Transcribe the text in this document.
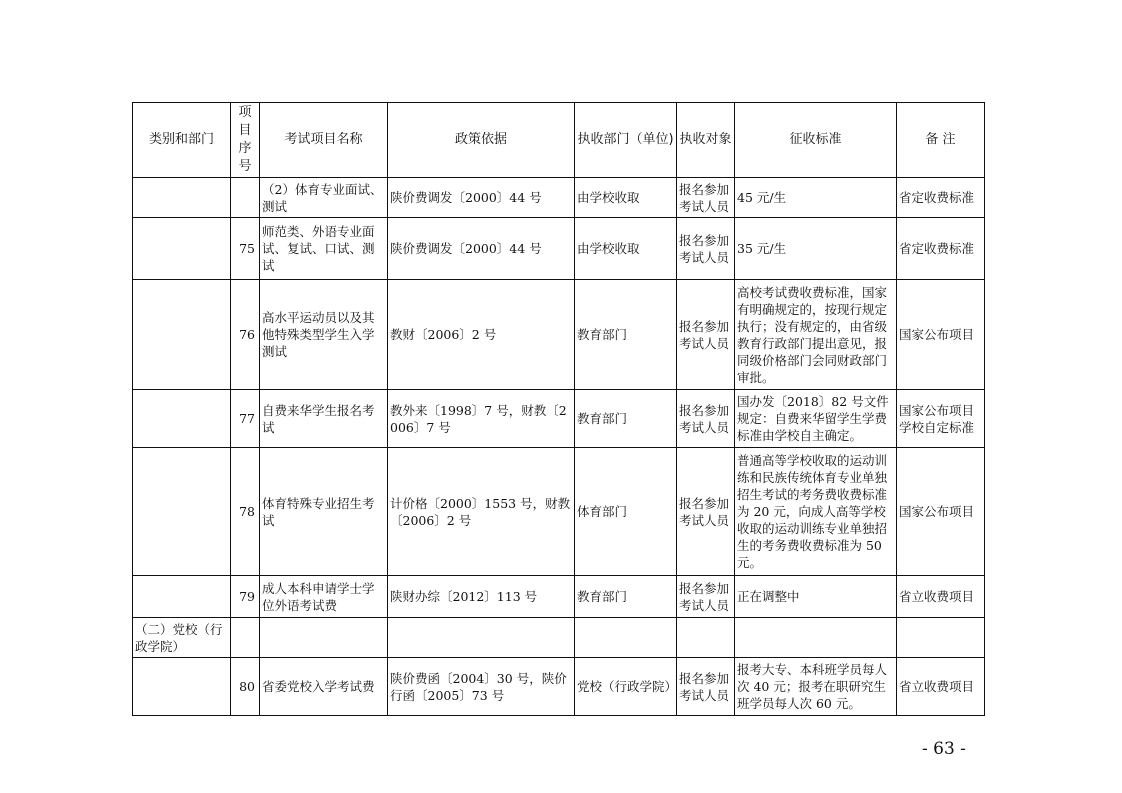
类别和部门	项目序号	考试项目名称	政策依据	执收部门（单位)	执收对象	征收标准	备 注
		（2）体育专业面试、测试	陕价费调发〔2000〕44 号	由学校收取	报名参加考试人员	45 元/生	省定收费标准
	75	师范类、外语专业面试、复试、口试、测试	陕价费调发〔2000〕44 号	由学校收取	报名参加考试人员	35 元/生	省定收费标准
	76	高水平运动员以及其他特殊类型学生入学测试	教财〔2006〕2 号	教育部门	报名参加考试人员	高校考试费收费标准，国家有明确规定的，按现行规定执行；没有规定的，由省级教育行政部门提出意见，报同级价格部门会同财政部门审批。	国家公布项目
	77	自费来华学生报名考试	教外来〔1998〕7 号，财教〔2006〕7 号	教育部门	报名参加考试人员	国办发〔2018〕82 号文件规定：自费来华留学生学费标准由学校自主确定。	国家公布项目学校自定标准
	78	体育特殊专业招生考试	计价格〔2000〕1553 号，财教〔2006〕2 号	体育部门	报名参加考试人员	普通高等学校收取的运动训练和民族传统体育专业单独招生考试的考务费收费标准为 20 元，向成人高等学校收取的运动训练专业单独招生的考务费收费标准为 50 元。	国家公布项目
	79	成人本科申请学士学位外语考试费	陕财办综〔2012〕113 号	教育部门	报名参加考试人员	正在调整中	省立收费项目
（二）党校（行政学院）							
	80	省委党校入学考试费	陕价费函〔2004〕30 号，陕价行函〔2005〕73 号	党校（行政学院）	报名参加考试人员	报考大专、本科班学员每人次 40 元；报考在职研究生班学员每人次 60 元。	省立收费项目
- 63 -
